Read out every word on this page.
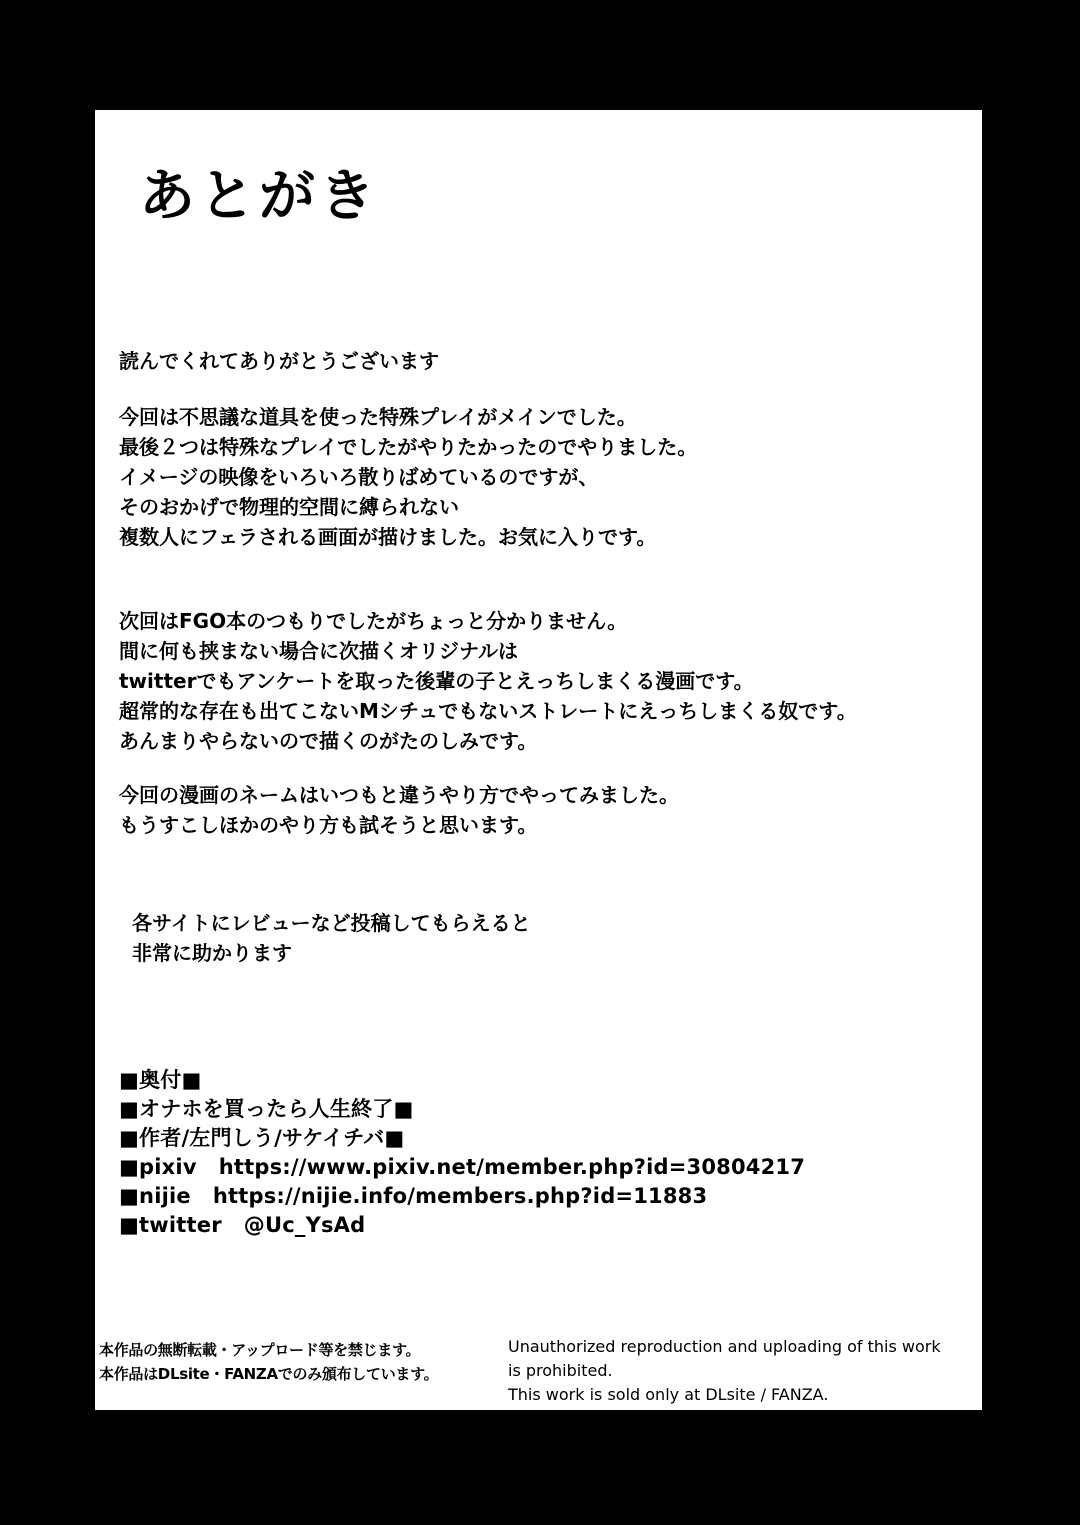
あとがき
読んでくれてありがとうございます
今回は不思議な道具を使った特殊プレイがメインでした。
最後２つは特殊なプレイでしたがやりたかったのでやりました。
イメージの映像をいろいろ散りばめているのですが、
そのおかげで物理的空間に縛られない
複数人にフェラされる画面が描けました。お気に入りです。
次回はFGO本のつもりでしたがちょっと分かりません。
間に何も挟まない場合に次描くオリジナルは
twitterでもアンケートを取った後輩の子とえっちしまくる漫画です。
超常的な存在も出てこないMシチュでもないストレートにえっちしまくる奴です。
あんまりやらないので描くのがたのしみです。
今回の漫画のネームはいつもと違うやり方でやってみました。
もうすこしほかのやり方も試そうと思います。
各サイトにレビューなど投稿してもらえると
非常に助かります
■奥付■
■オナホを買ったら人生終了■
■作者/左門しう/サケイチバ■
■pixiv https://www.pixiv.net/member.php?id=30804217
■nijie https://nijie.info/members.php?id=11883
■twitter @Uc_YsAd
本作品の無断転載・アップロード等を禁じます。
本作品はDLsite・FANZAでのみ頒布しています。
Unauthorized reproduction and uploading of this work
is prohibited.
This work is sold only at DLsite / FANZA.
